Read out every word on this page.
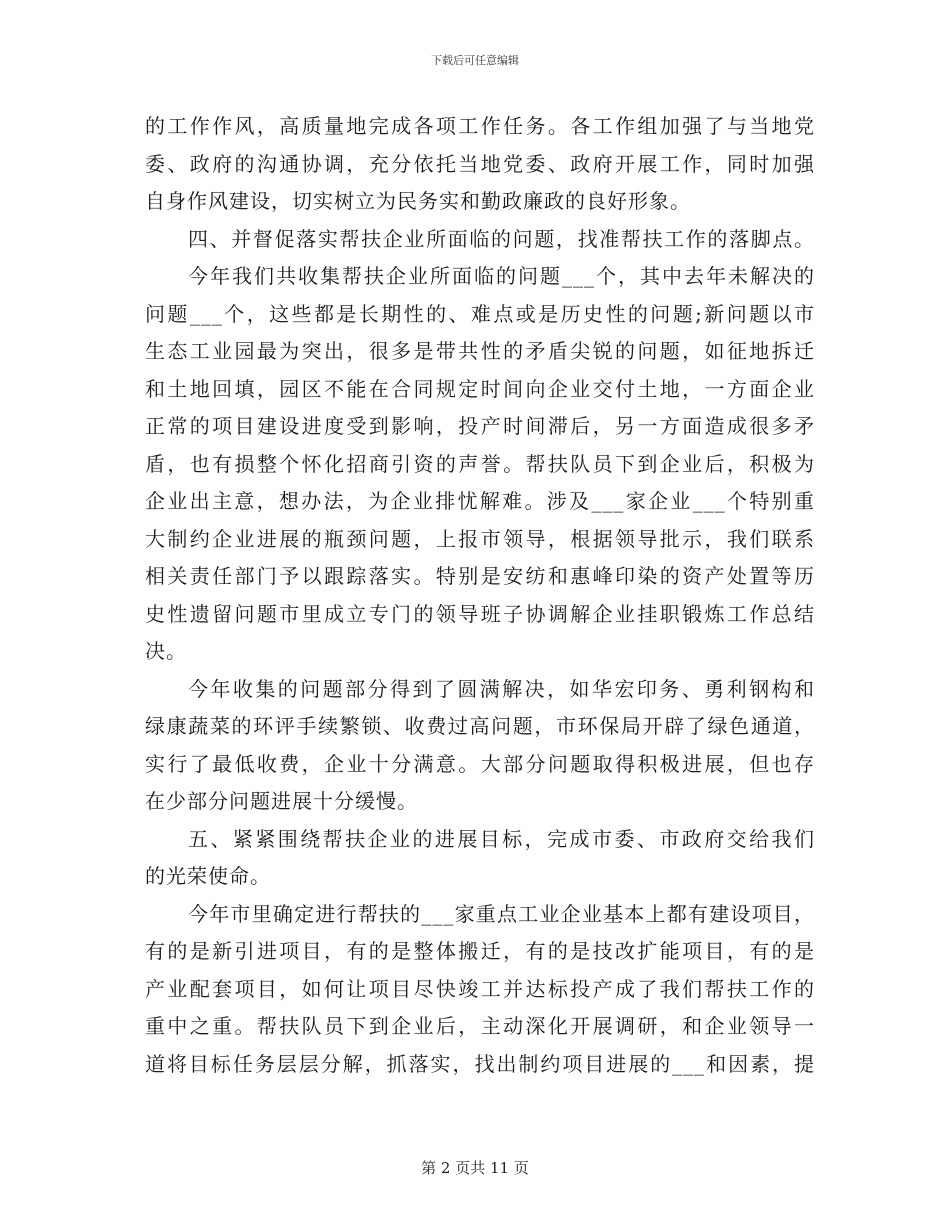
下载后可任意编辑
的工作作风，高质量地完成各项工作任务。各工作组加强了与当地党
委、政府的沟通协调，充分依托当地党委、政府开展工作，同时加强
自身作风建设，切实树立为民务实和勤政廉政的良好形象。
四、并督促落实帮扶企业所面临的问题，找准帮扶工作的落脚点。
今年我们共收集帮扶企业所面临的问题___个，其中去年未解决的
问题___个，这些都是长期性的、难点或是历史性的问题;新问题以市
生态工业园最为突出，很多是带共性的矛盾尖锐的问题，如征地拆迁
和土地回填，园区不能在合同规定时间向企业交付土地，一方面企业
正常的项目建设进度受到影响，投产时间滞后，另一方面造成很多矛
盾，也有损整个怀化招商引资的声誉。帮扶队员下到企业后，积极为
企业出主意，想办法，为企业排忧解难。涉及___家企业___个特别重
大制约企业进展的瓶颈问题，上报市领导，根据领导批示，我们联系
相关责任部门予以跟踪落实。特别是安纺和惠峰印染的资产处置等历
史性遗留问题市里成立专门的领导班子协调解企业挂职锻炼工作总结
决。
今年收集的问题部分得到了圆满解决，如华宏印务、勇利钢构和
绿康蔬菜的环评手续繁锁、收费过高问题，市环保局开辟了绿色通道，
实行了最低收费，企业十分满意。大部分问题取得积极进展，但也存
在少部分问题进展十分缓慢。
五、紧紧围绕帮扶企业的进展目标，完成市委、市政府交给我们
的光荣使命。
今年市里确定进行帮扶的___家重点工业企业基本上都有建设项目，
有的是新引进项目，有的是整体搬迁，有的是技改扩能项目，有的是
产业配套项目，如何让项目尽快竣工并达标投产成了我们帮扶工作的
重中之重。帮扶队员下到企业后，主动深化开展调研，和企业领导一
道将目标任务层层分解，抓落实，找出制约项目进展的___和因素，提
第 2 页共 11 页
